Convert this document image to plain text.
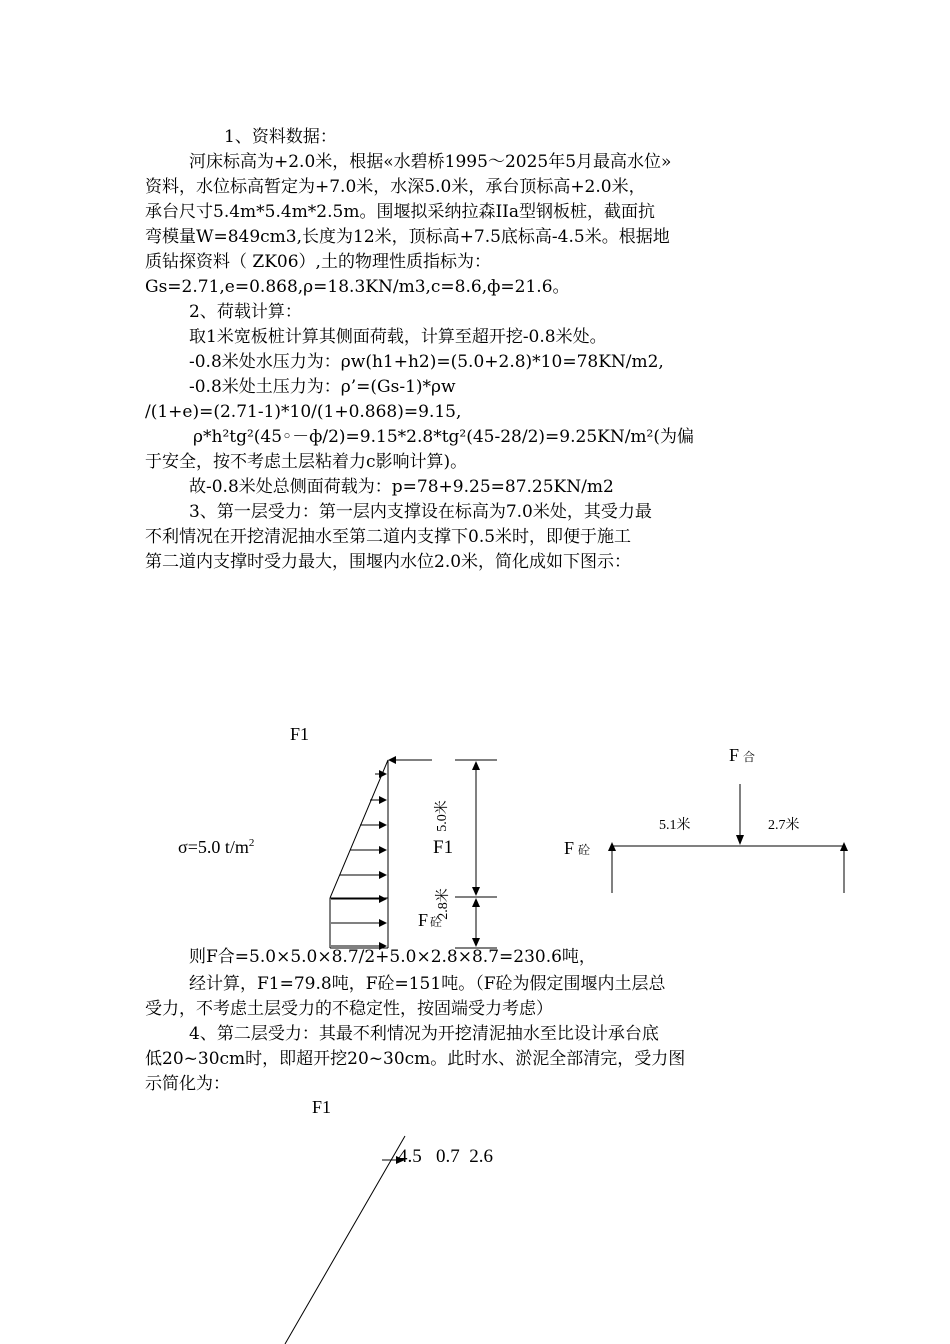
1、资料数据：
河床标高为+2.0米，根据«水碧桥1995～2025年5月最高水位»
资料，水位标高暂定为+7.0米，水深5.0米，承台顶标高+2.0米，
承台尺寸5.4m*5.4m*2.5m。围堰拟采纳拉森IIa型钢板桩，截面抗
弯模量W=849cm3,长度为12米，顶标高+7.5底标高-4.5米。根据地
质钻探资料（ ZK06）,土的物理性质指标为：
Gs=2.71,e=0.868,ρ=18.3KN/m3,c=8.6,ф=21.6。
2、荷载计算：
取1米宽板桩计算其侧面荷载，计算至超开挖-0.8米处。
-0.8米处水压力为：ρw(h1+h2)=(5.0+2.8)*10=78KN/m2,
-0.8米处土压力为：ρ’=(Gs-1)*ρw
/(1+e)=(2.71-1)*10/(1+0.868)=9.15,
ρ*h²tg²(45◦－ф/2)=9.15*2.8*tg²(45-28/2)=9.25KN/m²(为偏
于安全，按不考虑土层粘着力c影响计算)。
故-0.8米处总侧面荷载为：p=78+9.25=87.25KN/m2
3、第一层受力：第一层内支撑设在标高为7.0米处，其受力最
不利情况在开挖清泥抽水至第二道内支撑下0.5米时，即便于施工
第二道内支撑时受力最大，围堰内水位2.0米，简化成如下图示：
F1
σ=5.0 $t/m^2$
5.0米
2.8米
F1
F砼
F合
5.1米	2.7米
F砼
则F合=5.0×5.0×8.7/2+5.0×2.8×8.7=230.6吨，
经计算，F1=79.8吨，F砼=151吨。（F砼为假定围堰内土层总
受力，不考虑土层受力的不稳定性，按固端受力考虑）
4、第二层受力：其最不利情况为开挖清泥抽水至比设计承台底
低20~30cm时，即超开挖20~30cm。此时水、淤泥全部清完，受力图
示简化为：
F1
4.5   0.7  2.6
